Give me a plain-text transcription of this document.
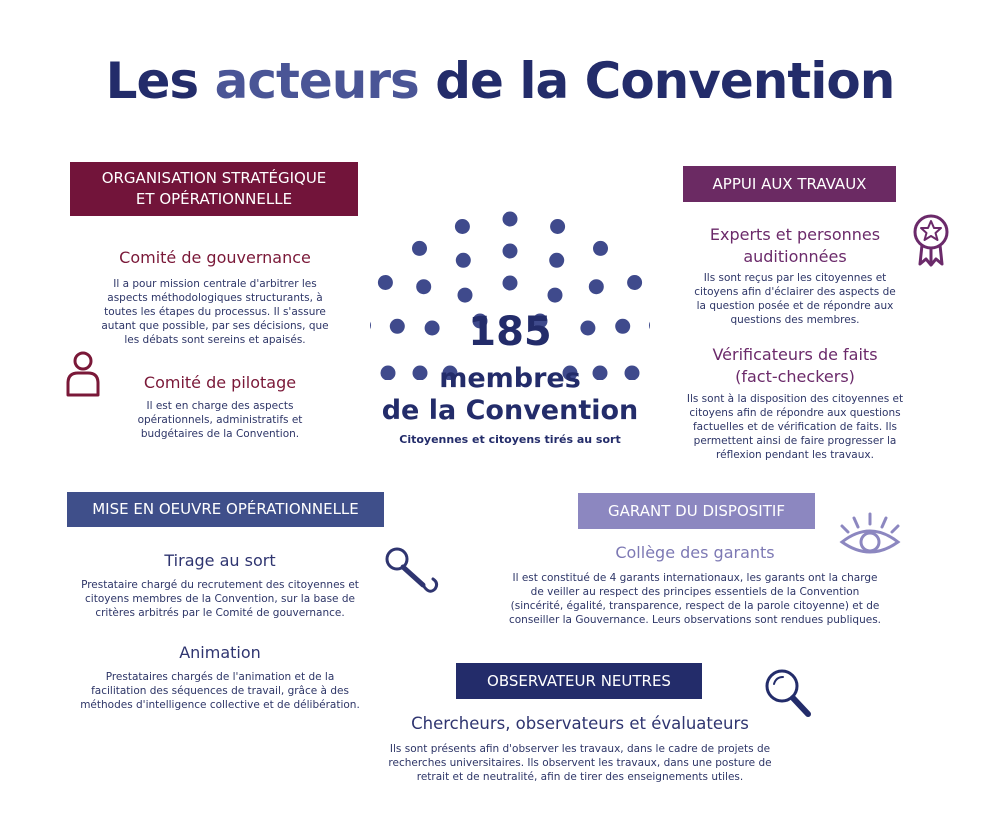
Les acteurs de la Convention
ORGANISATION STRATÉGIQUE
ET OPÉRATIONNELLE
Comité de gouvernance
Il a pour mission centrale d'arbitrer les
aspects méthodologiques structurants, à
toutes les étapes du processus. Il s'assure
autant que possible, par ses décisions, que
les débats sont sereins et apaisés.
Comité de pilotage
Il est en charge des aspects
opérationnels, administratifs et
budgétaires de la Convention.
185
membres
de la Convention
Citoyennes et citoyens tirés au sort
APPUI AUX TRAVAUX
Experts et personnes
auditionnées
Ils sont reçus par les citoyennes et
citoyens afin d'éclairer des aspects de
la question posée et de répondre aux
questions des membres.
Vérificateurs de faits
(fact-checkers)
Ils sont à la disposition des citoyennes et
citoyens afin de répondre aux questions
factuelles et de vérification de faits. Ils
permettent ainsi de faire progresser la
réflexion pendant les travaux.
MISE EN OEUVRE OPÉRATIONNELLE
Tirage au sort
Prestataire chargé du recrutement des citoyennes et
citoyens membres de la Convention, sur la base de
critères arbitrés par le Comité de gouvernance.
Animation
Prestataires chargés de l'animation et de la
facilitation des séquences de travail, grâce à des
méthodes d'intelligence collective et de délibération.
GARANT DU DISPOSITIF
Collège des garants
Il est constitué de 4 garants internationaux, les garants ont la charge
de veiller au respect des principes essentiels de la Convention
(sincérité, égalité, transparence, respect de la parole citoyenne) et de
conseiller la Gouvernance. Leurs observations sont rendues publiques.
OBSERVATEUR NEUTRES
Chercheurs, observateurs et évaluateurs
Ils sont présents afin d'observer les travaux, dans le cadre de projets de
recherches universitaires. Ils observent les travaux, dans une posture de
retrait et de neutralité, afin de tirer des enseignements utiles.
